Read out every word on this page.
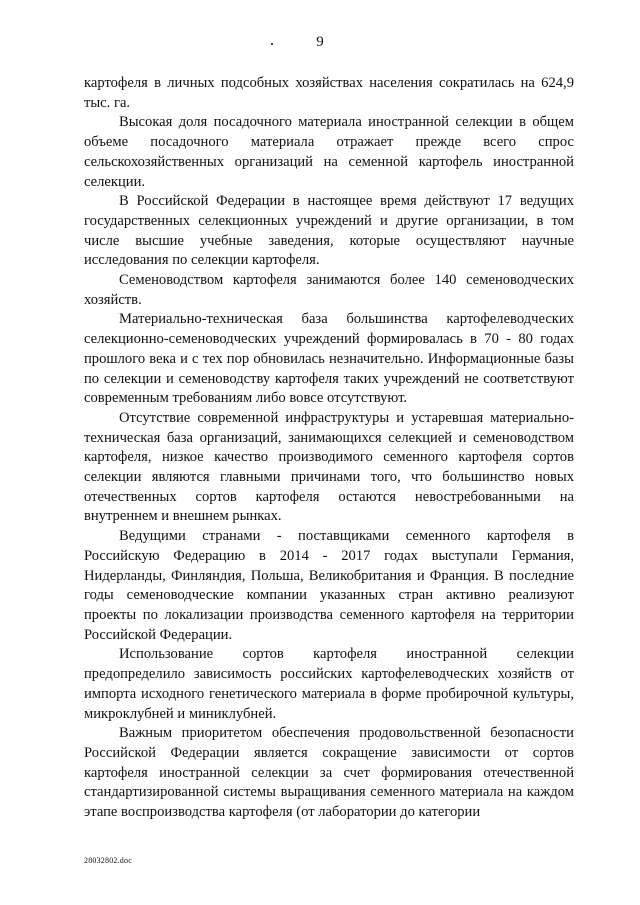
9

картофеля в личных подсобных хозяйствах населения сократилась на 624,9 тыс. га.

Высокая доля посадочного материала иностранной селекции в общем объеме посадочного материала отражает прежде всего спрос сельскохозяйственных организаций на семенной картофель иностранной селекции.

В Российской Федерации в настоящее время действуют 17 ведущих государственных селекционных учреждений и другие организации, в том числе высшие учебные заведения, которые осуществляют научные исследования по селекции картофеля.

Семеноводством картофеля занимаются более 140 семеноводческих хозяйств.

Материально-техническая база большинства картофелеводческих селекционно-семеноводческих учреждений формировалась в 70 - 80 годах прошлого века и с тех пор обновилась незначительно. Информационные базы по селекции и семеноводству картофеля таких учреждений не соответствуют современным требованиям либо вовсе отсутствуют.

Отсутствие современной инфраструктуры и устаревшая материально-техническая база организаций, занимающихся селекцией и семеноводством картофеля, низкое качество производимого семенного картофеля сортов селекции являются главными причинами того, что большинство новых отечественных сортов картофеля остаются невостребованными на внутреннем и внешнем рынках.

Ведущими странами - поставщиками семенного картофеля в Российскую Федерацию в 2014 - 2017 годах выступали Германия, Нидерланды, Финляндия, Польша, Великобритания и Франция. В последние годы семеноводческие компании указанных стран активно реализуют проекты по локализации производства семенного картофеля на территории Российской Федерации.

Использование сортов картофеля иностранной селекции предопределило зависимость российских картофелеводческих хозяйств от импорта исходного генетического материала в форме пробирочной культуры, микроклубней и миниклубней.

Важным приоритетом обеспечения продовольственной безопасности Российской Федерации является сокращение зависимости от сортов картофеля иностранной селекции за счет формирования отечественной стандартизированной системы выращивания семенного материала на каждом этапе воспроизводства картофеля (от лаборатории до категории

28032802.doc
